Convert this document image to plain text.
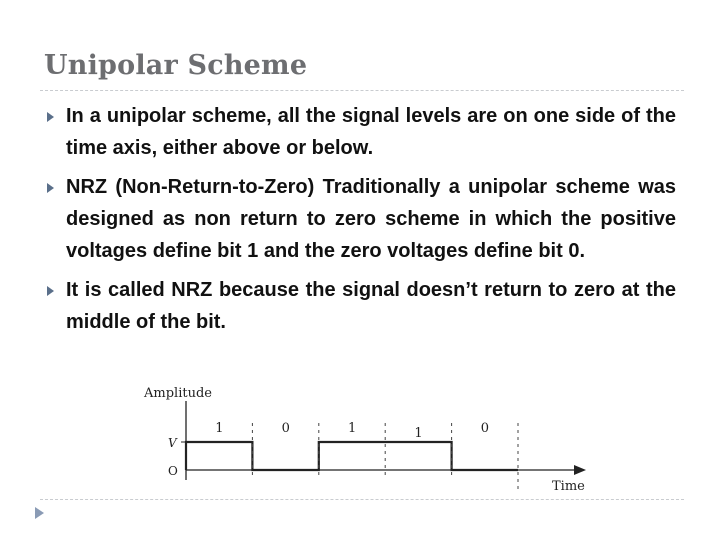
Unipolar Scheme
In a unipolar scheme, all the signal levels are on one side of the time axis, either above or below.
NRZ (Non-Return-to-Zero) Traditionally a unipolar scheme was designed as non return to zero scheme in which the positive voltages define bit 1 and the zero voltages define bit 0.
It is called NRZ because the signal doesn’t return to zero at the middle of the bit.
Amplitude
Time
V
O
1	0	1	1	0
